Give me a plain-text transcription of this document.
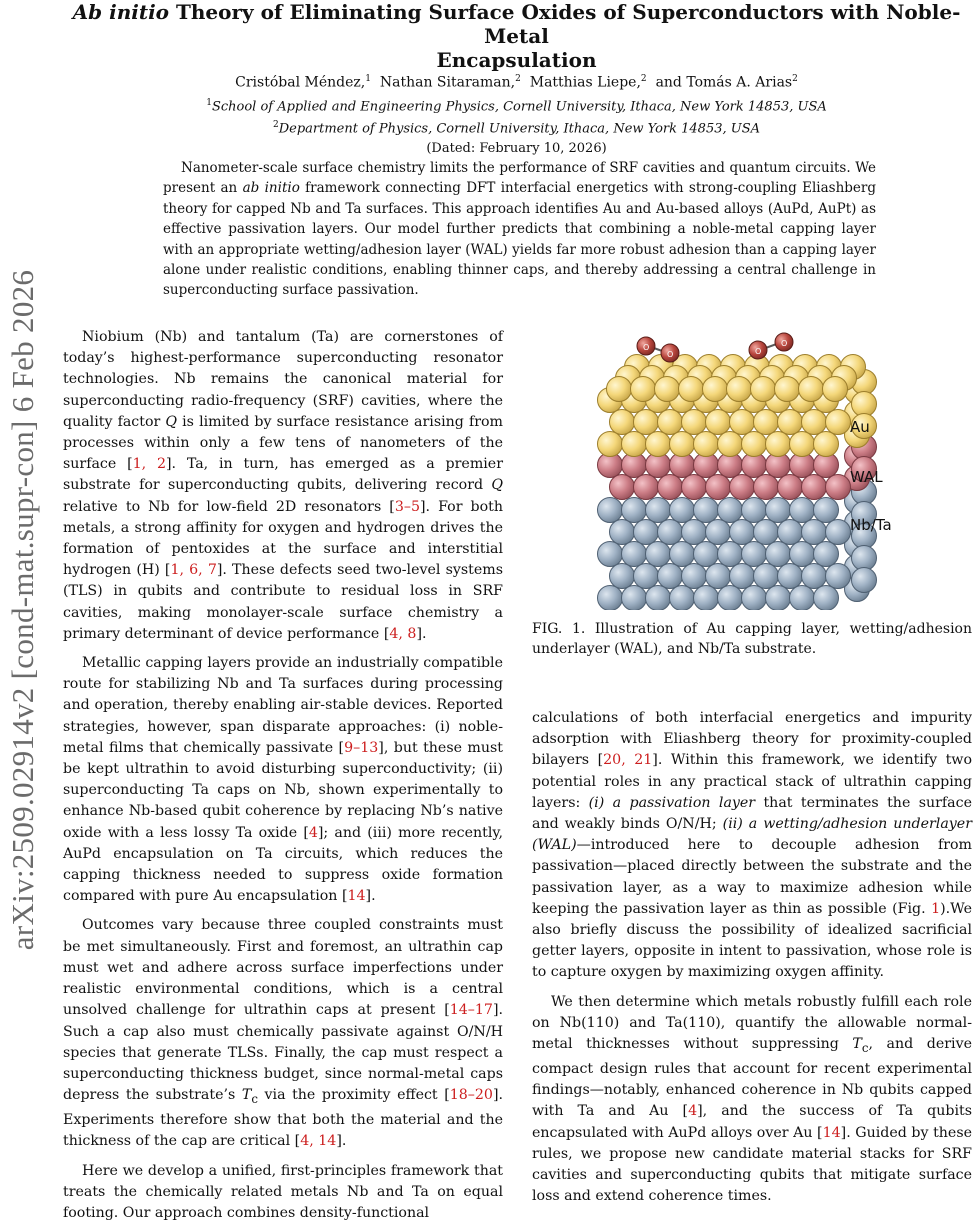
arXiv:2509.02914v2 [cond-mat.supr-con] 6 Feb 2026
Ab initio Theory of Eliminating Surface Oxides of Superconductors with Noble-Metal
Encapsulation
Cristóbal Méndez,$^1$ Nathan Sitaraman,$^2$ Matthias Liepe,$^2$ and Tomás A. Arias$^2$
$^1$School of Applied and Engineering Physics, Cornell University, Ithaca, New York 14853, USA
$^2$Department of Physics, Cornell University, Ithaca, New York 14853, USA
(Dated: February 10, 2026)
Nanometer-scale surface chemistry limits the performance of SRF cavities and quantum circuits. We present an ab initio framework connecting DFT interfacial energetics with strong-coupling Eliashberg theory for capped Nb and Ta surfaces. This approach identifies Au and Au-based alloys (AuPd, AuPt) as effective passivation layers. Our model further predicts that combining a noble-metal capping layer with an appropriate wetting/adhesion layer (WAL) yields far more robust adhesion than a capping layer alone under realistic conditions, enabling thinner caps, and thereby addressing a central challenge in superconducting surface passivation.

Niobium (Nb) and tantalum (Ta) are cornerstones of today’s highest-performance superconducting resonator technologies. Nb remains the canonical material for superconducting radio-frequency (SRF) cavities, where the quality factor Q is limited by surface resistance arising from processes within only a few tens of nanometers of the surface [1, 2]. Ta, in turn, has emerged as a premier substrate for superconducting qubits, delivering record Q relative to Nb for low-field 2D resonators [3–5]. For both metals, a strong affinity for oxygen and hydrogen drives the formation of pentoxides at the surface and interstitial hydrogen (H) [1, 6, 7]. These defects seed two-level systems (TLS) in qubits and contribute to residual loss in SRF cavities, making monolayer-scale surface chemistry a primary determinant of device performance [4, 8].

Metallic capping layers provide an industrially compatible route for stabilizing Nb and Ta surfaces during processing and operation, thereby enabling air-stable devices. Reported strategies, however, span disparate approaches: (i) noble-metal films that chemically passivate [9–13], but these must be kept ultrathin to avoid disturbing superconductivity; (ii) superconducting Ta caps on Nb, shown experimentally to enhance Nb-based qubit coherence by replacing Nb’s native oxide with a less lossy Ta oxide [4]; and (iii) more recently, AuPd encapsulation on Ta circuits, which reduces the capping thickness needed to suppress oxide formation compared with pure Au encapsulation [14].

Outcomes vary because three coupled constraints must be met simultaneously. First and foremost, an ultrathin cap must wet and adhere across surface imperfections under realistic environmental conditions, which is a central unsolved challenge for ultrathin caps at present [14–17]. Such a cap also must chemically passivate against O/N/H species that generate TLSs. Finally, the cap must respect a superconducting thickness budget, since normal-metal caps depress the substrate’s $T_c$ via the proximity effect [18–20]. Experiments therefore show that both the material and the thickness of the cap are critical [4, 14].

Here we develop a unified, first-principles framework that treats the chemically related metals Nb and Ta on equal footing. Our approach combines density-functional

O
O	O
O
Au
WAL
Nb/Ta
FIG. 1. Illustration of Au capping layer, wetting/adhesion underlayer (WAL), and Nb/Ta substrate.

calculations of both interfacial energetics and impurity adsorption with Eliashberg theory for proximity-coupled bilayers [20, 21]. Within this framework, we identify two potential roles in any practical stack of ultrathin capping layers: (i) a passivation layer that terminates the surface and weakly binds O/N/H; (ii) a wetting/adhesion underlayer (WAL)—introduced here to decouple adhesion from passivation—placed directly between the substrate and the passivation layer, as a way to maximize adhesion while keeping the passivation layer as thin as possible (Fig. 1).We also briefly discuss the possibility of idealized sacrificial getter layers, opposite in intent to passivation, whose role is to capture oxygen by maximizing oxygen affinity.

We then determine which metals robustly fulfill each role on Nb(110) and Ta(110), quantify the allowable normal-metal thicknesses without suppressing $T_c$, and derive compact design rules that account for recent experimental findings—notably, enhanced coherence in Nb qubits capped with Ta and Au [4], and the success of Ta qubits encapsulated with AuPd alloys over Au [14]. Guided by these rules, we propose new candidate material stacks for SRF cavities and superconducting qubits that mitigate surface loss and extend coherence times.
